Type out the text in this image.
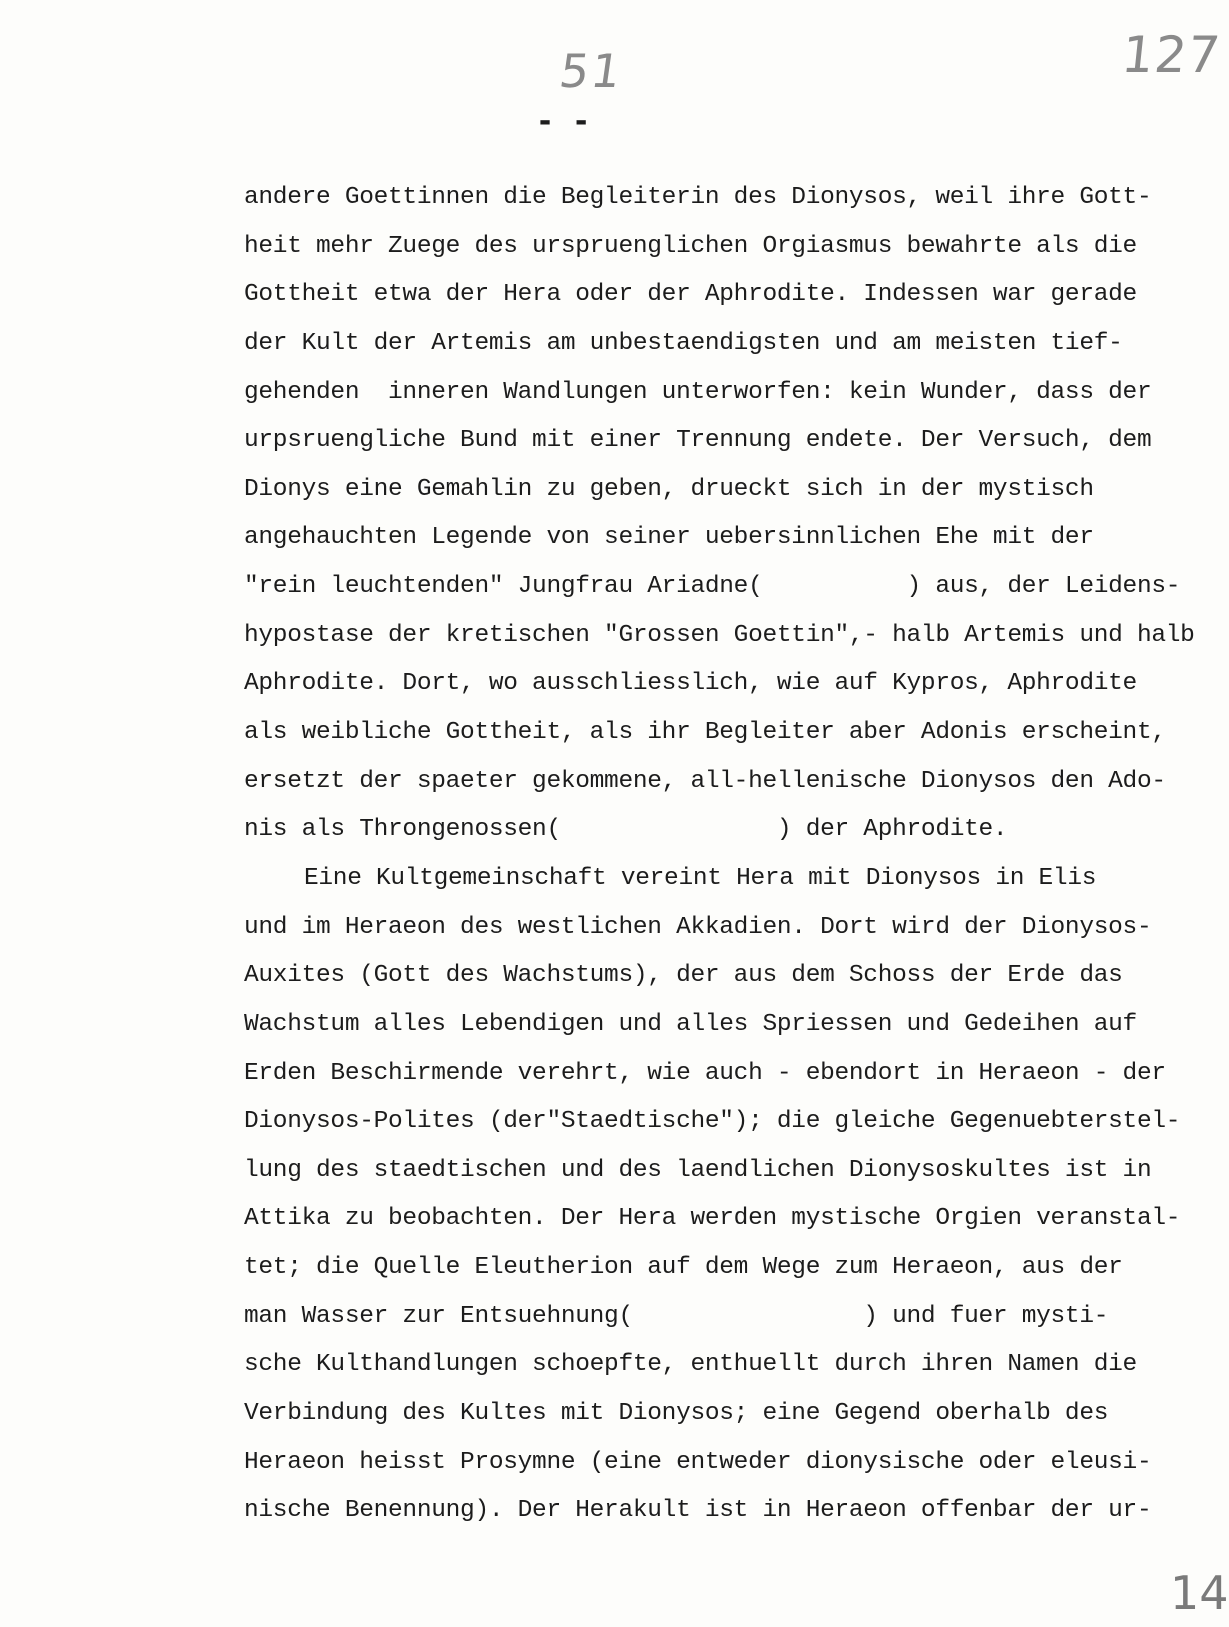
51	127
- -
andere Goettinnen die Begleiterin des Dionysos, weil ihre Gott-
heit mehr Zuege des urspruenglichen Orgiasmus bewahrte als die
Gottheit etwa der Hera oder der Aphrodite. Indessen war gerade
der Kult der Artemis am unbestaendigsten und am meisten tief-
gehenden  inneren Wandlungen unterworfen: kein Wunder, dass der
urpsruengliche Bund mit einer Trennung endete. Der Versuch, dem
Dionys eine Gemahlin zu geben, drueckt sich in der mystisch
angehauchten Legende von seiner uebersinnlichen Ehe mit der
"rein leuchtenden" Jungfrau Ariadne(          ) aus, der Leidens-
hypostase der kretischen "Grossen Goettin",- halb Artemis und halb
Aphrodite. Dort, wo ausschliesslich, wie auf Kypros, Aphrodite
als weibliche Gottheit, als ihr Begleiter aber Adonis erscheint,
ersetzt der spaeter gekommene, all-hellenische Dionysos den Ado-
nis als Throngenossen(               ) der Aphrodite.
Eine Kultgemeinschaft vereint Hera mit Dionysos in Elis
und im Heraeon des westlichen Akkadien. Dort wird der Dionysos-
Auxites (Gott des Wachstums), der aus dem Schoss der Erde das
Wachstum alles Lebendigen und alles Spriessen und Gedeihen auf
Erden Beschirmende verehrt, wie auch - ebendort in Heraeon - der
Dionysos-Polites (der"Staedtische"); die gleiche Gegenuebterstel-
lung des staedtischen und des laendlichen Dionysoskultes ist in
Attika zu beobachten. Der Hera werden mystische Orgien veranstal-
tet; die Quelle Eleutherion auf dem Wege zum Heraeon, aus der
man Wasser zur Entsuehnung(                ) und fuer mysti-
sche Kulthandlungen schoepfte, enthuellt durch ihren Namen die
Verbindung des Kultes mit Dionysos; eine Gegend oberhalb des
Heraeon heisst Prosymne (eine entweder dionysische oder eleusi-
nische Benennung). Der Herakult ist in Heraeon offenbar der ur-
14
